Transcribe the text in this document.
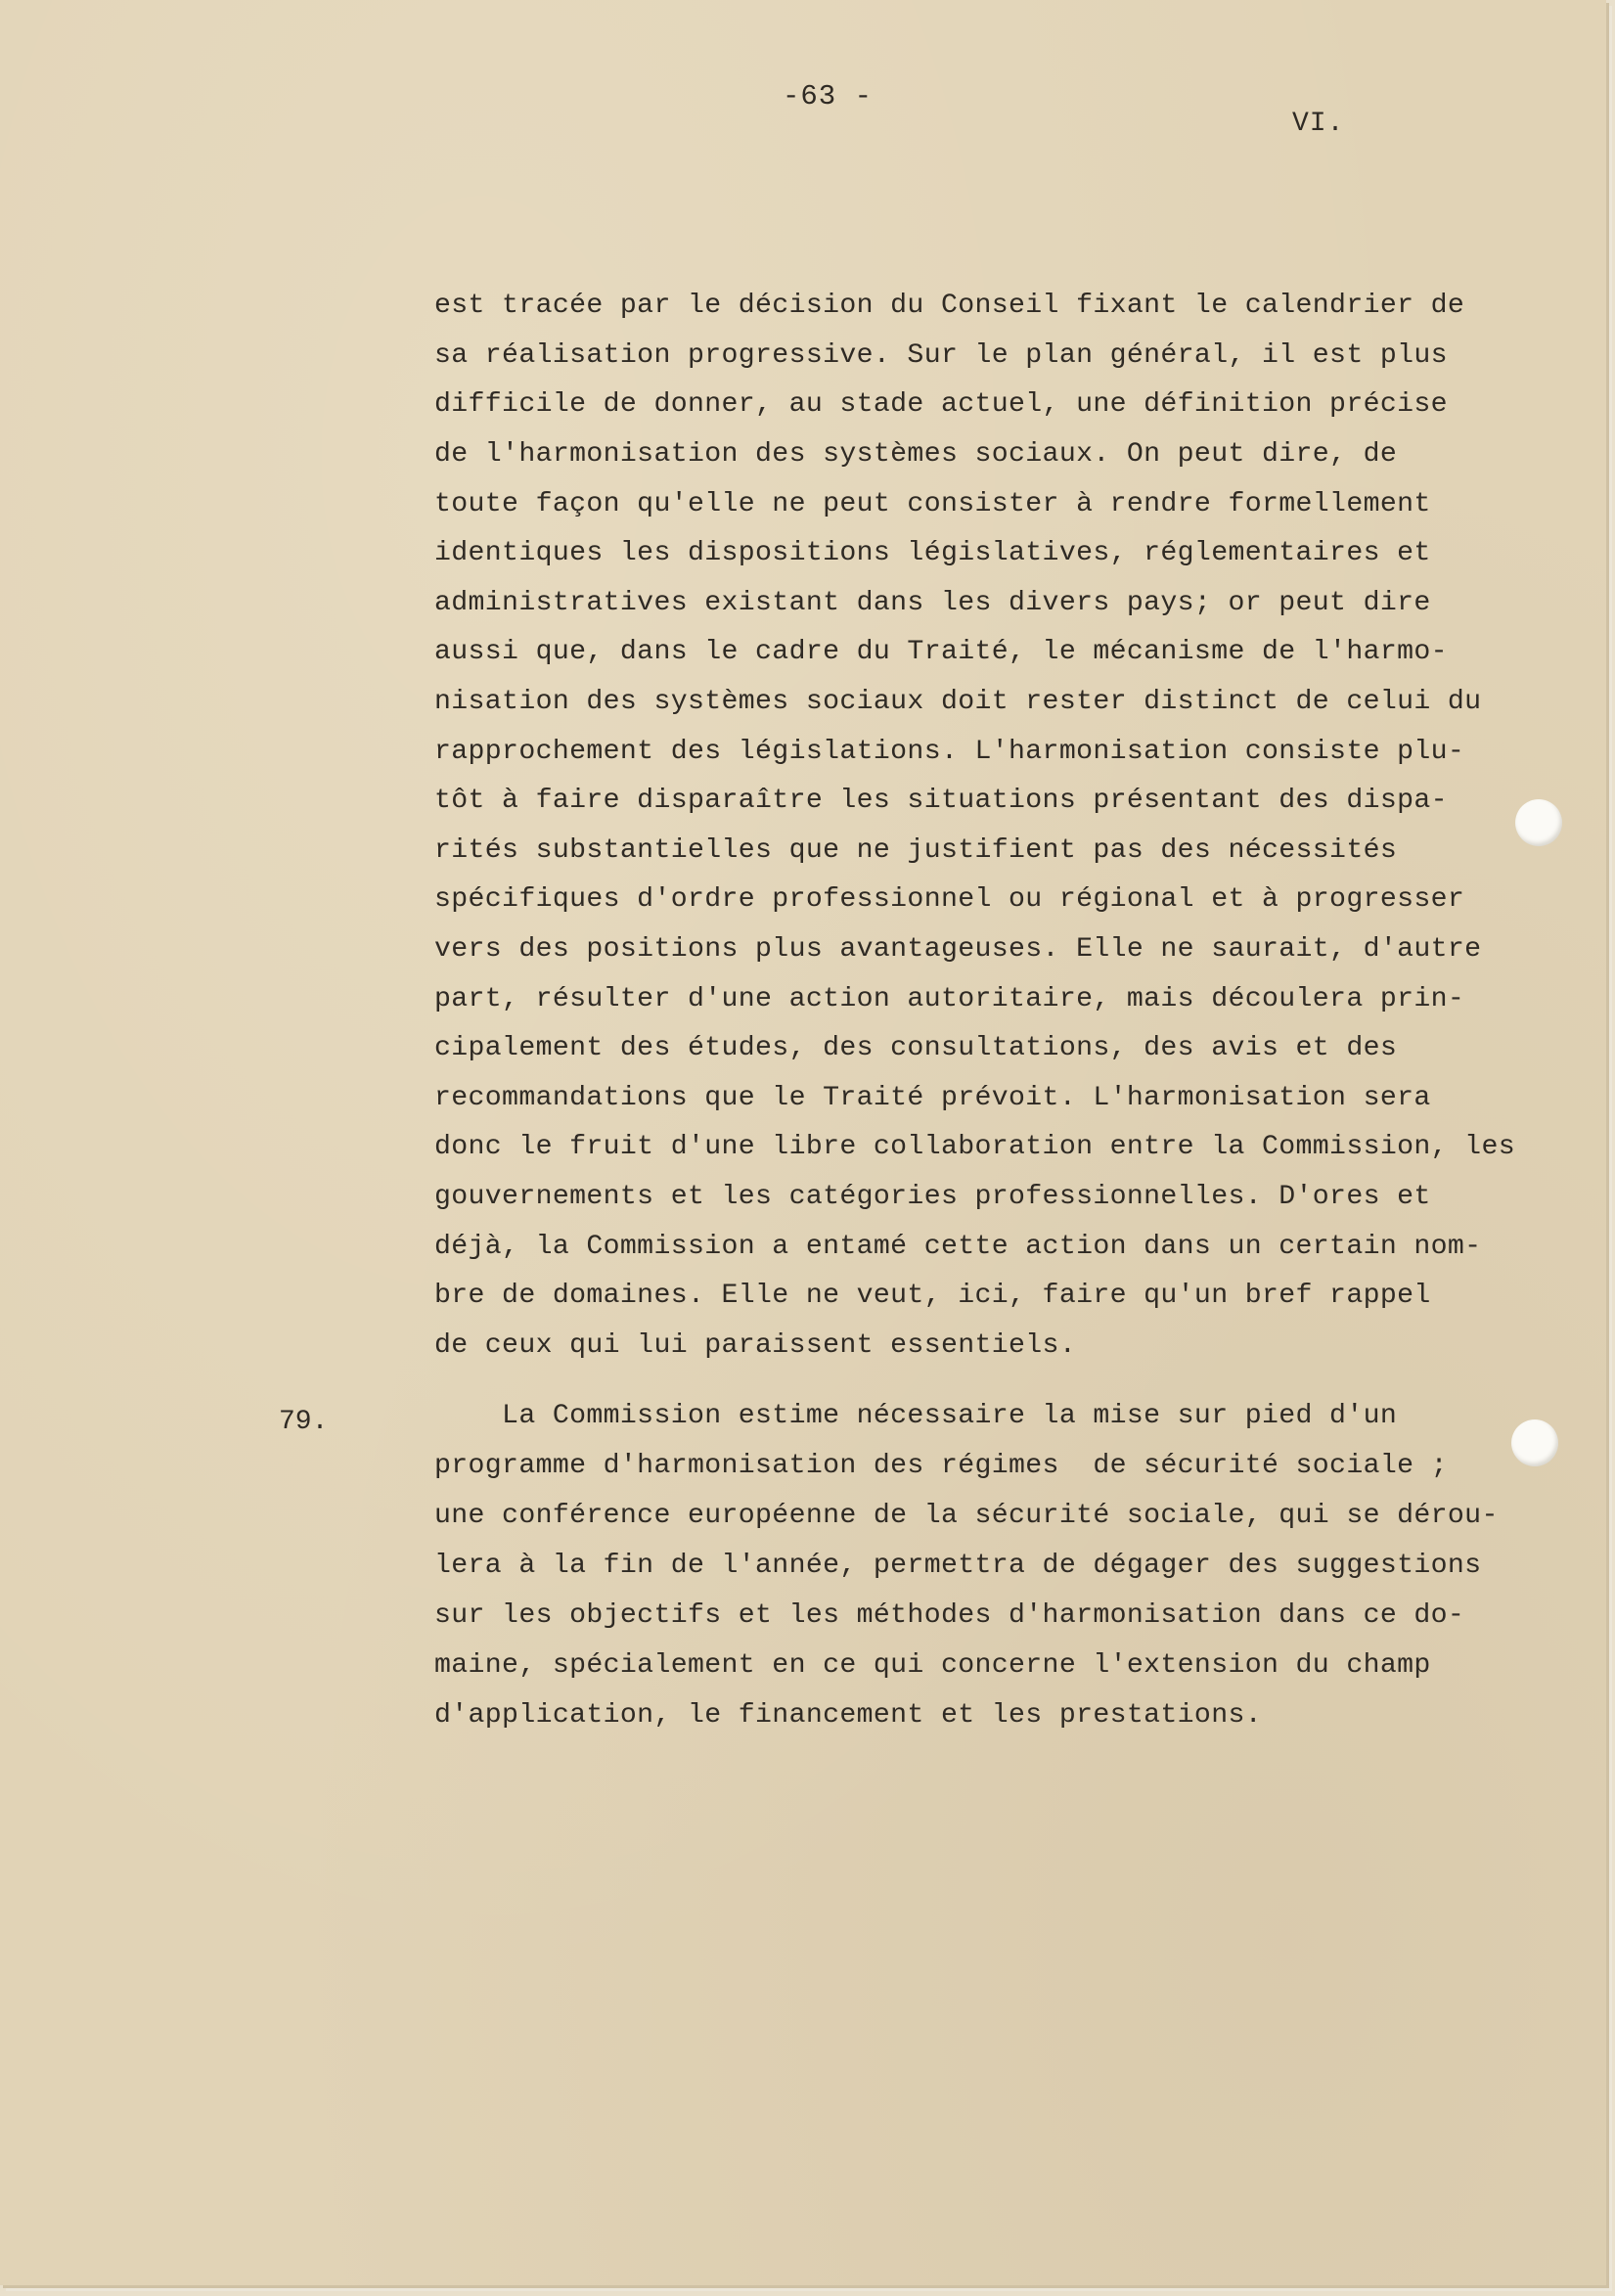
-63 -
VI.
est tracée par le décision du Conseil fixant le calendrier de
sa réalisation progressive. Sur le plan général, il est plus
difficile de donner, au stade actuel, une définition précise
de l'harmonisation des systèmes sociaux. On peut dire, de
toute façon qu'elle ne peut consister à rendre formellement
identiques les dispositions législatives, réglementaires et
administratives existant dans les divers pays; or peut dire
aussi que, dans le cadre du Traité, le mécanisme de l'harmo-
nisation des systèmes sociaux doit rester distinct de celui du
rapprochement des législations. L'harmonisation consiste plu-
tôt à faire disparaître les situations présentant des dispa-
rités substantielles que ne justifient pas des nécessités
spécifiques d'ordre professionnel ou régional et à progresser
vers des positions plus avantageuses. Elle ne saurait, d'autre
part, résulter d'une action autoritaire, mais découlera prin-
cipalement des études, des consultations, des avis et des
recommandations que le Traité prévoit. L'harmonisation sera
donc le fruit d'une libre collaboration entre la Commission, les
gouvernements et les catégories professionnelles. D'ores et
déjà, la Commission a entamé cette action dans un certain nom-
bre de domaines. Elle ne veut, ici, faire qu'un bref rappel
de ceux qui lui paraissent essentiels.
79.	La Commission estime nécessaire la mise sur pied d'un
programme d'harmonisation des régimes  de sécurité sociale ;
une conférence européenne de la sécurité sociale, qui se dérou-
lera à la fin de l'année, permettra de dégager des suggestions
sur les objectifs et les méthodes d'harmonisation dans ce do-
maine, spécialement en ce qui concerne l'extension du champ
d'application, le financement et les prestations.
